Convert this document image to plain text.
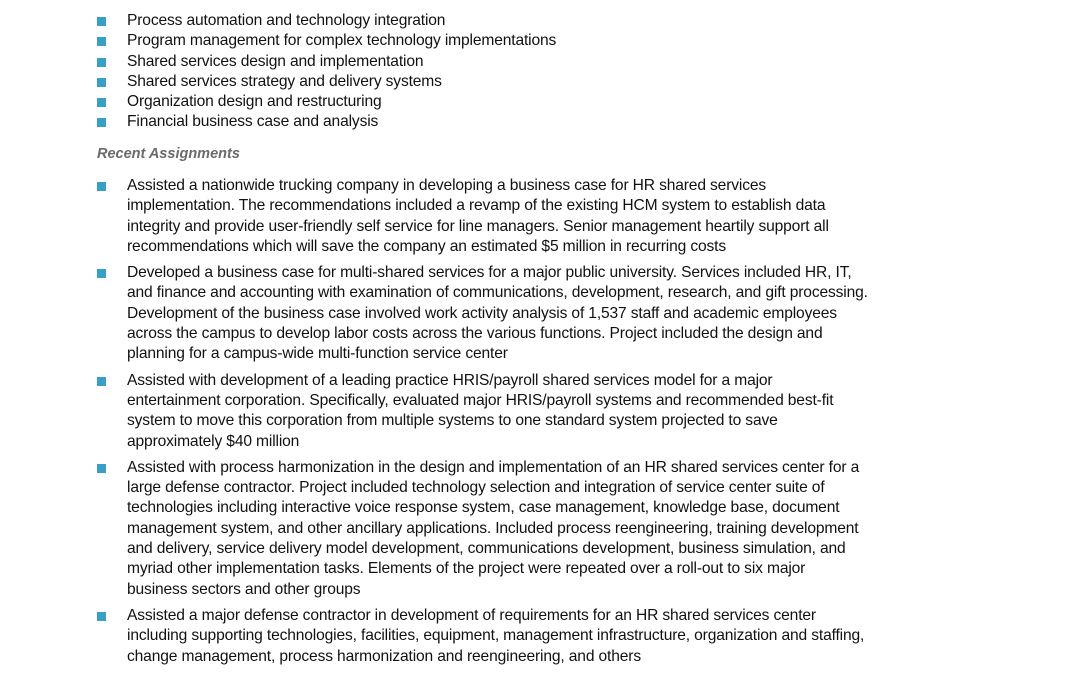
Process automation and technology integration
Program management for complex technology implementations
Shared services design and implementation
Shared services strategy and delivery systems
Organization design and restructuring
Financial business case and analysis
Recent Assignments
Assisted a nationwide trucking company in developing a business case for HR shared services
implementation. The recommendations included a revamp of the existing HCM system to establish data
integrity and provide user-friendly self service for line managers. Senior management heartily support all
recommendations which will save the company an estimated $5 million in recurring costs
Developed a business case for multi-shared services for a major public university. Services included HR, IT,
and finance and accounting with examination of communications, development, research, and gift processing.
Development of the business case involved work activity analysis of 1,537 staff and academic employees
across the campus to develop labor costs across the various functions. Project included the design and
planning for a campus-wide multi-function service center
Assisted with development of a leading practice HRIS/payroll shared services model for a major
entertainment corporation. Specifically, evaluated major HRIS/payroll systems and recommended best-fit
system to move this corporation from multiple systems to one standard system projected to save
approximately $40 million
Assisted with process harmonization in the design and implementation of an HR shared services center for a
large defense contractor. Project included technology selection and integration of service center suite of
technologies including interactive voice response system, case management, knowledge base, document
management system, and other ancillary applications. Included process reengineering, training development
and delivery, service delivery model development, communications development, business simulation, and
myriad other implementation tasks. Elements of the project were repeated over a roll-out to six major
business sectors and other groups
Assisted a major defense contractor in development of requirements for an HR shared services center
including supporting technologies, facilities, equipment, management infrastructure, organization and staffing,
change management, process harmonization and reengineering, and others
